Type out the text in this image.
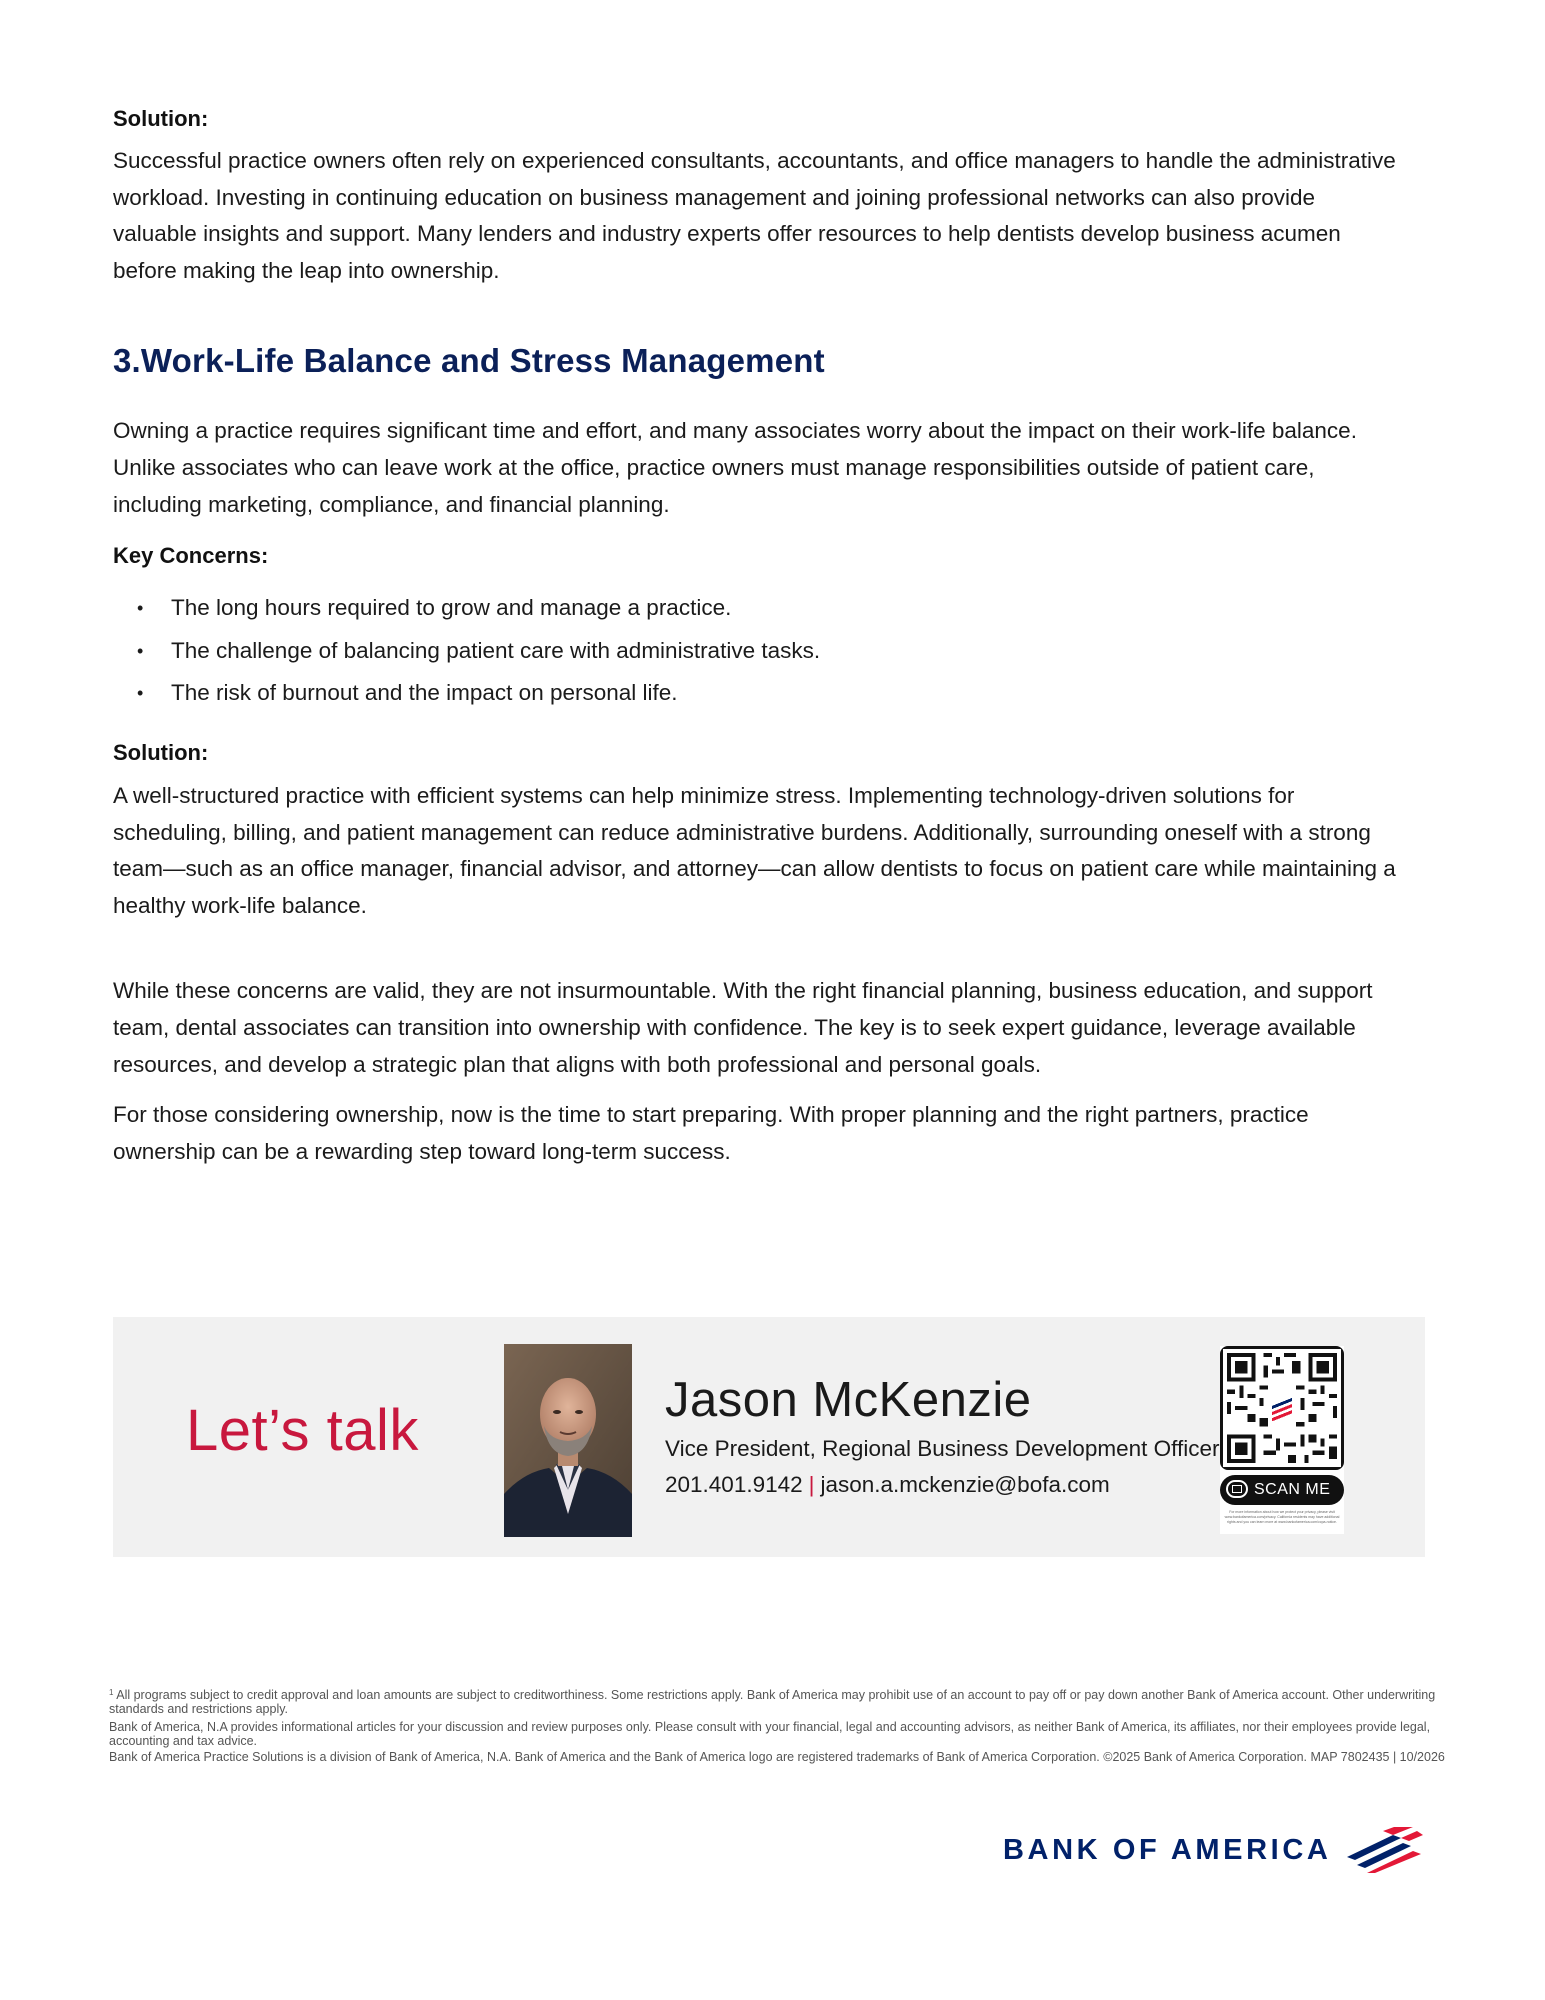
Solution:
Successful practice owners often rely on experienced consultants, accountants, and office managers to handle the administrative workload. Investing in continuing education on business management and joining professional networks can also provide valuable insights and support. Many lenders and industry experts offer resources to help dentists develop business acumen before making the leap into ownership.
3.Work-Life Balance and Stress Management
Owning a practice requires significant time and effort, and many associates worry about the impact on their work-life balance. Unlike associates who can leave work at the office, practice owners must manage responsibilities outside of patient care, including marketing, compliance, and financial planning.
Key Concerns:
• The long hours required to grow and manage a practice.
• The challenge of balancing patient care with administrative tasks.
• The risk of burnout and the impact on personal life.
Solution:
A well-structured practice with efficient systems can help minimize stress. Implementing technology-driven solutions for scheduling, billing, and patient management can reduce administrative burdens. Additionally, surrounding oneself with a strong team—such as an office manager, financial advisor, and attorney—can allow dentists to focus on patient care while maintaining a healthy work-life balance.
While these concerns are valid, they are not insurmountable. With the right financial planning, business education, and support team, dental associates can transition into ownership with confidence. The key is to seek expert guidance, leverage available resources, and develop a strategic plan that aligns with both professional and personal goals.
For those considering ownership, now is the time to start preparing. With proper planning and the right partners, practice ownership can be a rewarding step toward long-term success.
Let’s talk	Jason McKenzie
Vice President, Regional Business Development Officer
201.401.9142 | jason.a.mckenzie@bofa.com	SCAN ME
For more information about how we protect your privacy, please visit www.bankofamerica.com/privacy. California residents may have additional rights and you can learn more at www.bankofamerica.com/ccpa-notice.

$^1$ All programs subject to credit approval and loan amounts are subject to creditworthiness. Some restrictions apply. Bank of America may prohibit use of an account to pay off or pay down another Bank of America account. Other underwriting standards and restrictions apply.

Bank of America, N.A provides informational articles for your discussion and review purposes only. Please consult with your financial, legal and accounting advisors, as neither Bank of America, its affiliates, nor their employees provide legal, accounting and tax advice.

Bank of America Practice Solutions is a division of Bank of America, N.A. Bank of America and the Bank of America logo are registered trademarks of Bank of America Corporation. ©2025 Bank of America Corporation. MAP 7802435 | 10/2026

BANK OF AMERICA
